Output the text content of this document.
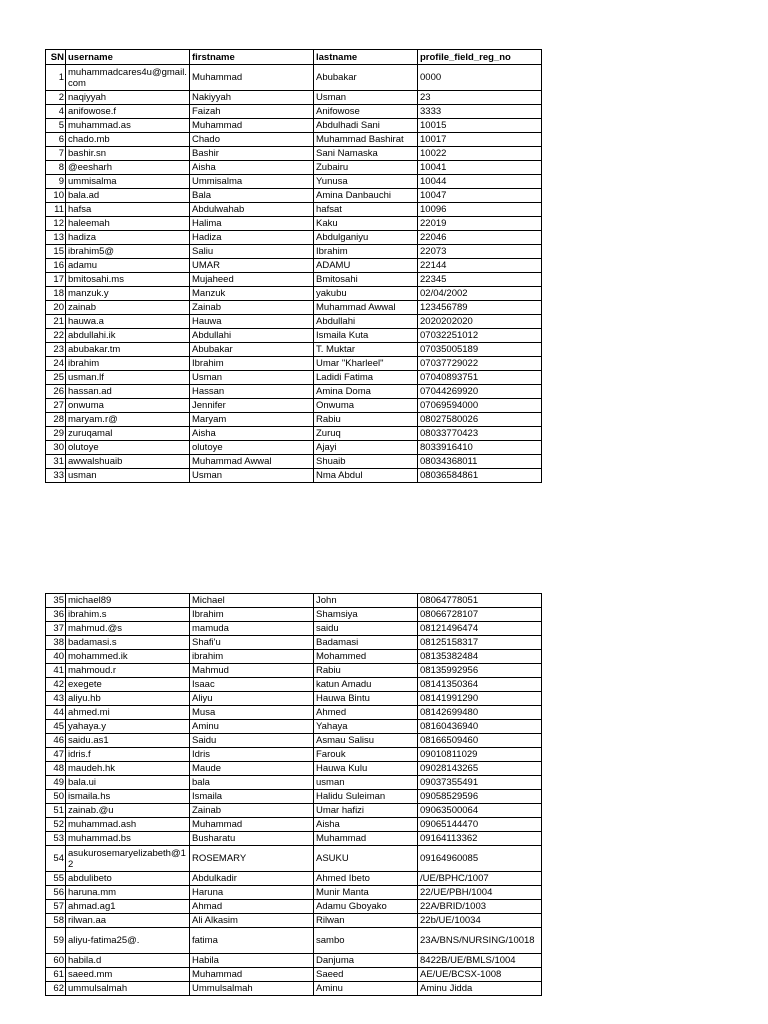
SN	username	firstname	lastname	profile_field_reg_no
1	muhammadcares4u@gmail.com	Muhammad	Abubakar	0000
2	naqiyyah	Nakiyyah	Usman	23
4	anifowose.f	Faizah	Anifowose	3333
5	muhammad.as	Muhammad	Abdulhadi Sani	10015
6	chado.mb	Chado	Muhammad Bashirat	10017
7	bashir.sn	Bashir	Sani Namaska	10022
8	@eesharh	Aisha	Zubairu	10041
9	ummisalma	Ummisalma	Yunusa	10044
10	bala.ad	Bala	Amina Danbauchi	10047
11	hafsa	Abdulwahab	hafsat	10096
12	haleemah	Halima	Kaku	22019
13	hadiza	Hadiza	Abdulganiyu	22046
15	ibrahim5@	Saliu	Ibrahim	22073
16	adamu	UMAR	ADAMU	22144
17	bmitosahi.ms	Mujaheed	Bmitosahi	22345
18	manzuk.y	Manzuk	yakubu	02/04/2002
20	zainab	Zainab	Muhammad Awwal	123456789
21	hauwa.a	Hauwa	Abdullahi	2020202020
22	abdullahi.ik	Abdullahi	Ismaila Kuta	07032251012
23	abubakar.tm	Abubakar	T. Muktar	07035005189
24	ibrahim	Ibrahim	Umar "Kharleel"	07037729022
25	usman.lf	Usman	Ladidi Fatima	07040893751
26	hassan.ad	Hassan	Amina Doma	07044269920
27	onwuma	Jennifer	Onwuma	07069594000
28	maryam.r@	Maryam	Rabiu	08027580026
29	zuruqamal	Aisha	Zuruq	08033770423
30	olutoye	olutoye	Ajayi	8033916410
31	awwalshuaib	Muhammad Awwal	Shuaib	08034368011
33	usman	Usman	Nma Abdul	08036584861
35	michael89	Michael	John	08064778051
36	ibrahim.s	Ibrahim	Shamsiya	08066728107
37	mahmud.@s	mamuda	saidu	08121496474
38	badamasi.s	Shafi'u	Badamasi	08125158317
40	mohammed.ik	ibrahim	Mohammed	08135382484
41	mahmoud.r	Mahmud	Rabiu	08135992956
42	exegete	Isaac	katun Amadu	08141350364
43	aliyu.hb	Aliyu	Hauwa Bintu	08141991290
44	ahmed.mi	Musa	Ahmed	08142699480
45	yahaya.y	Aminu	Yahaya	08160436940
46	saidu.as1	Saidu	Asmau Salisu	08166509460
47	idris.f	Idris	Farouk	09010811029
48	maudeh.hk	Maude	Hauwa Kulu	09028143265
49	bala.ui	bala	usman	09037355491
50	ismaila.hs	Ismaila	Halidu Suleiman	09058529596
51	zainab.@u	Zainab	Umar hafizi	09063500064
52	muhammad.ash	Muhammad	Aisha	09065144470
53	muhammad.bs	Busharatu	Muhammad	09164113362
54	asukurosemaryelizabeth@12	ROSEMARY	ASUKU	09164960085
55	abdulibeto	Abdulkadir	Ahmed Ibeto	/UE/BPHC/1007
56	haruna.mm	Haruna	Munir Manta	22/UE/PBH/1004
57	ahmad.ag1	Ahmad	Adamu Gboyako	22A/BRID/1003
58	rilwan.aa	Ali Alkasim	Rilwan	22b/UE/10034
59	aliyu-fatima25@.	fatima	sambo	23A/BNS/NURSING/10018
60	habila.d	Habila	Danjuma	8422B/UE/BMLS/1004
61	saeed.mm	Muhammad	Saeed	AE/UE/BCSX-1008
62	ummulsalmah	Ummulsalmah	Aminu	Aminu Jidda
